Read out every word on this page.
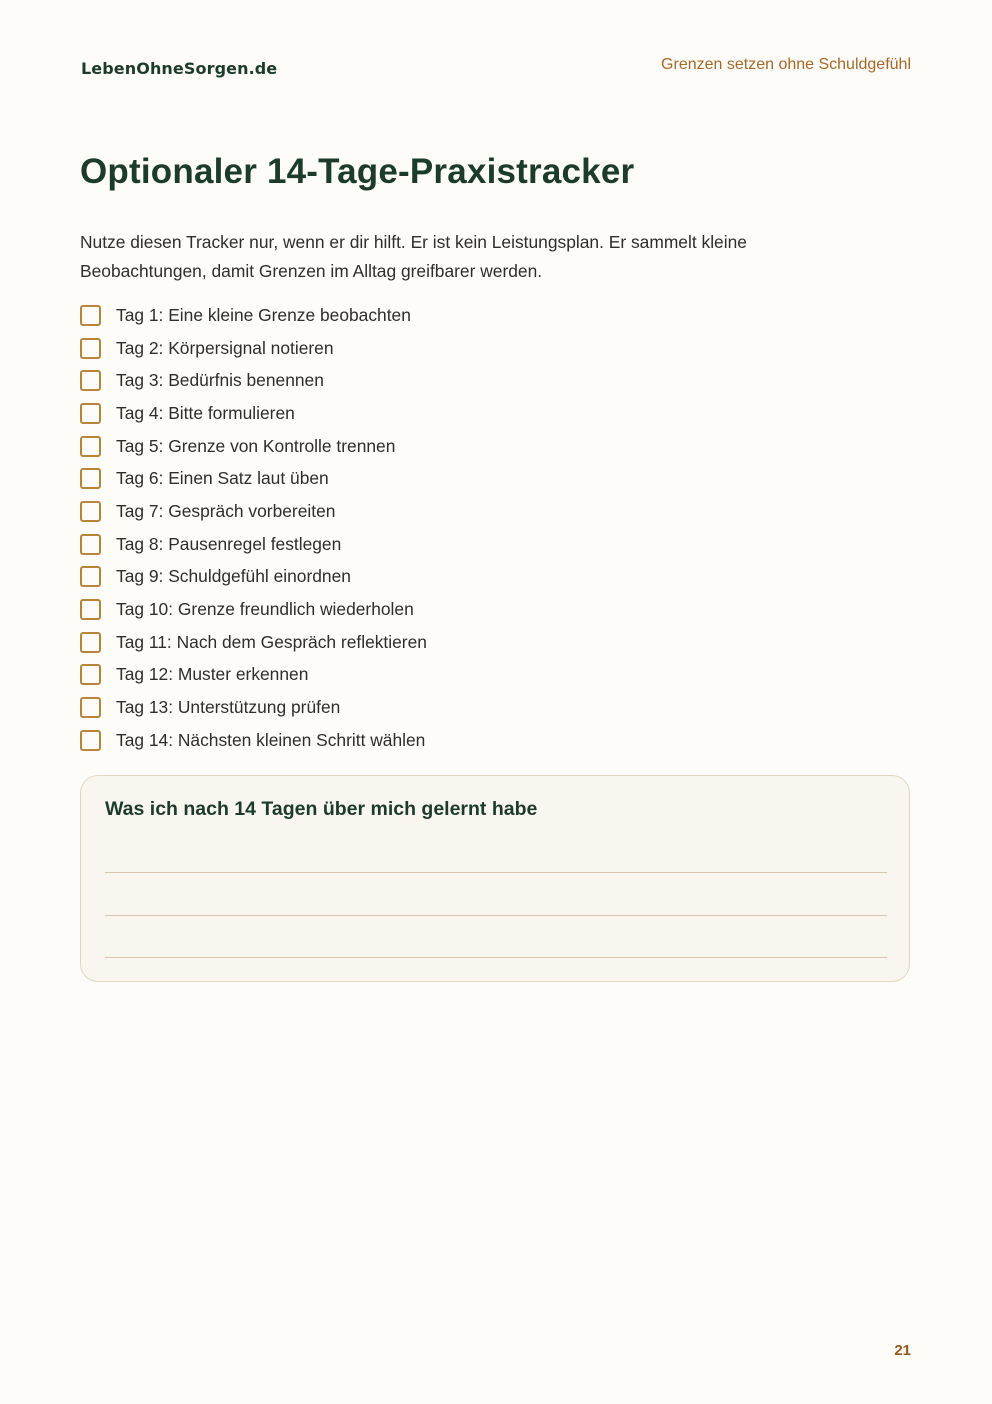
LebenOhneSorgen.de	Grenzen setzen ohne Schuldgefühl
Optionaler 14-Tage-Praxistracker

Nutze diesen Tracker nur, wenn er dir hilft. Er ist kein Leistungsplan. Er sammelt kleine
Beobachtungen, damit Grenzen im Alltag greifbarer werden.

Tag 1: Eine kleine Grenze beobachten
Tag 2: Körpersignal notieren
Tag 3: Bedürfnis benennen
Tag 4: Bitte formulieren
Tag 5: Grenze von Kontrolle trennen
Tag 6: Einen Satz laut üben
Tag 7: Gespräch vorbereiten
Tag 8: Pausenregel festlegen
Tag 9: Schuldgefühl einordnen
Tag 10: Grenze freundlich wiederholen
Tag 11: Nach dem Gespräch reflektieren
Tag 12: Muster erkennen
Tag 13: Unterstützung prüfen
Tag 14: Nächsten kleinen Schritt wählen
Was ich nach 14 Tagen über mich gelernt habe
21
